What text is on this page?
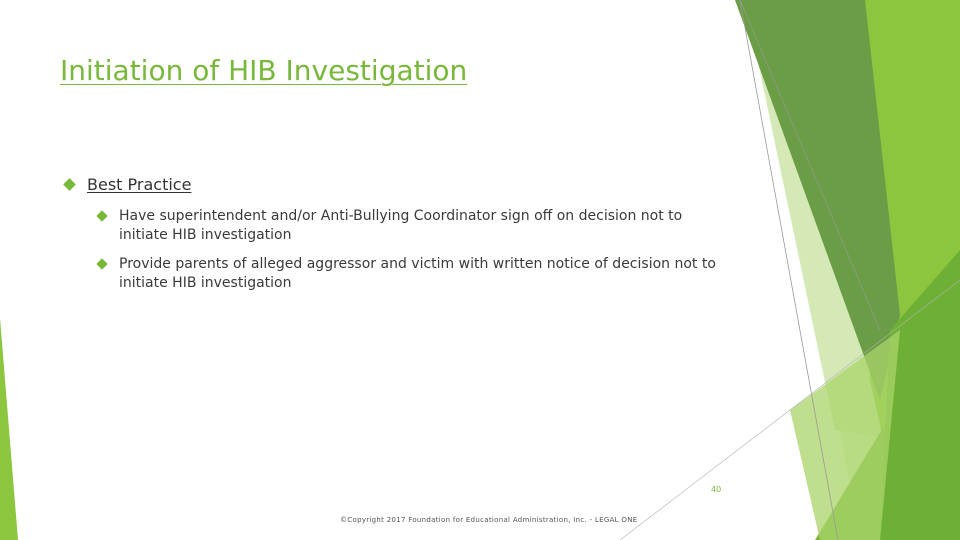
Initiation of HIB Investigation
Best Practice
Have superintendent and/or Anti-Bullying Coordinator sign off on decision not to initiate HIB investigation
Provide parents of alleged aggressor and victim with written notice of decision not to initiate HIB investigation
40
©Copyright 2017 Foundation for Educational Administration, Inc. - LEGAL ONE
